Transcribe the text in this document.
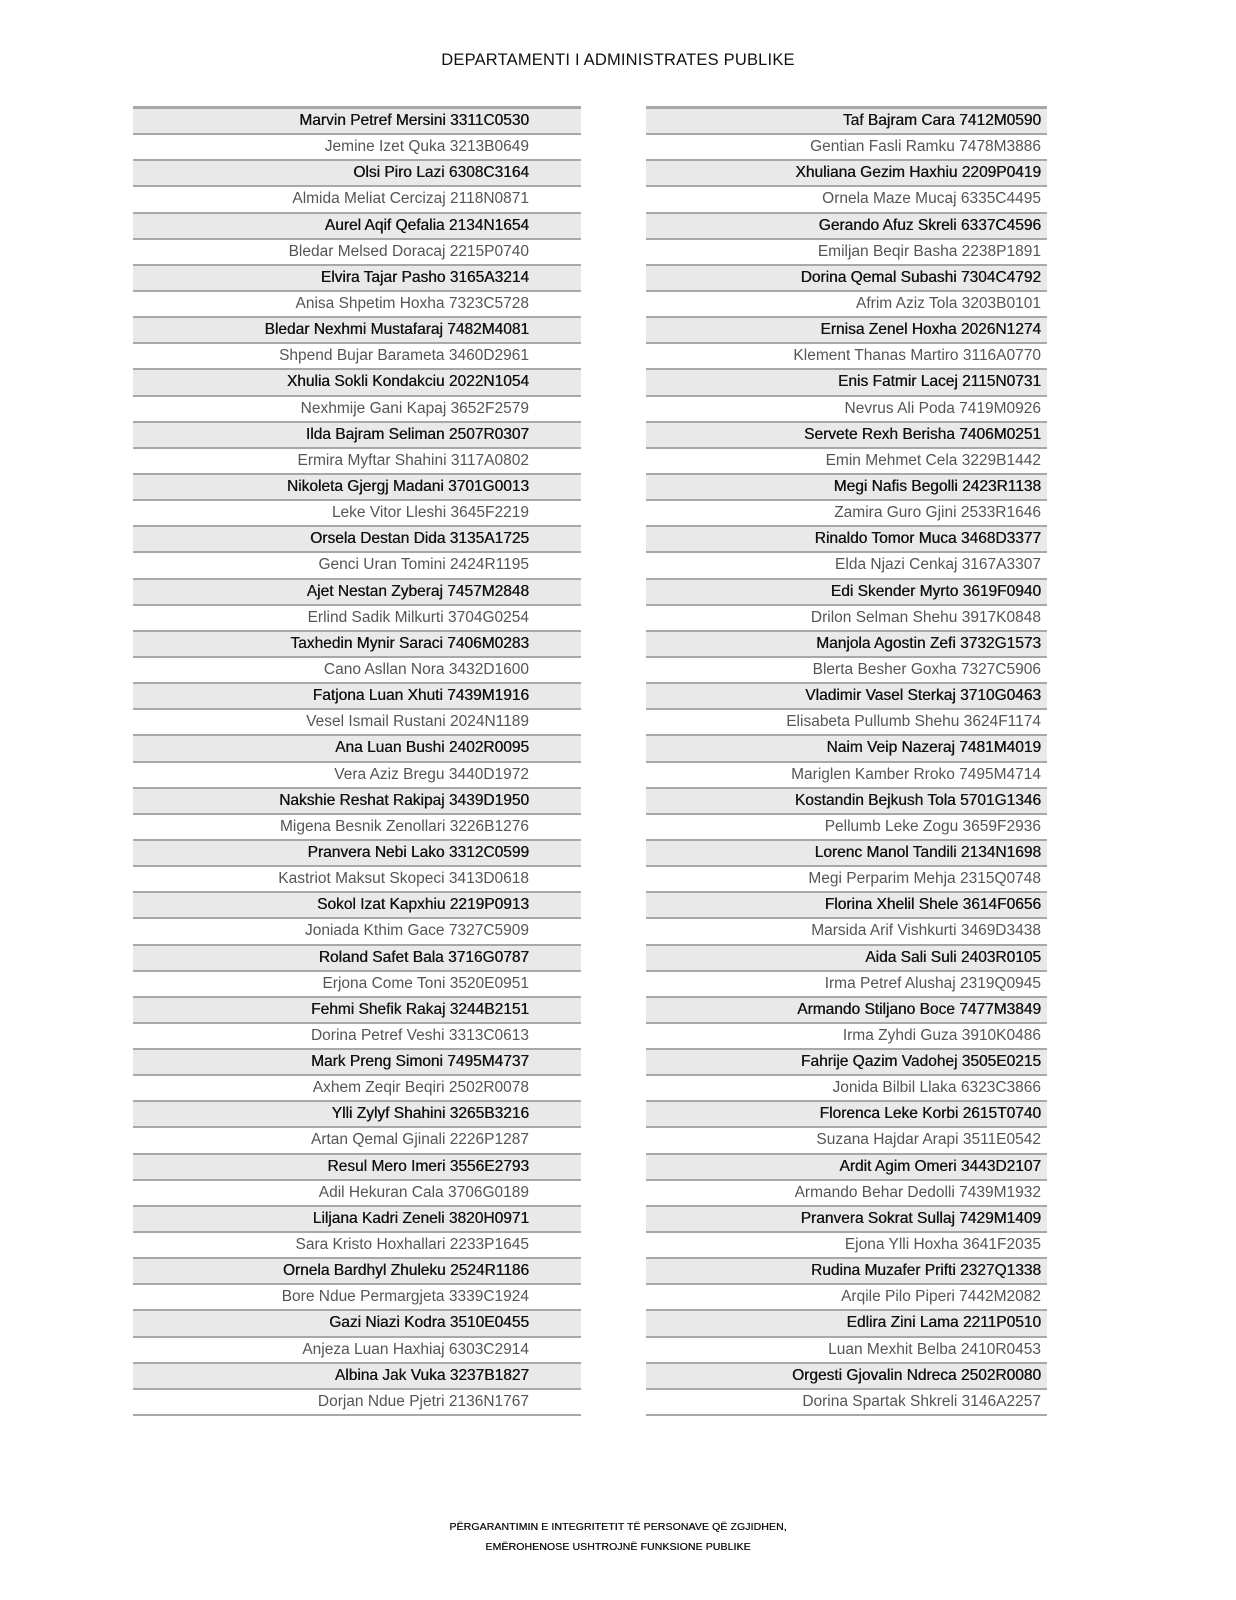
DEPARTAMENTI I ADMINISTRATES PUBLIKE
Marvin Petref Mersini 3311C0530
Jemine Izet Quka 3213B0649
Olsi Piro Lazi 6308C3164
Almida Meliat Cercizaj 2118N0871
Aurel Aqif Qefalia 2134N1654
Bledar Melsed Doracaj 2215P0740
Elvira Tajar Pasho 3165A3214
Anisa Shpetim Hoxha 7323C5728
Bledar Nexhmi Mustafaraj 7482M4081
Shpend Bujar Barameta 3460D2961
Xhulia Sokli Kondakciu 2022N1054
Nexhmije Gani Kapaj 3652F2579
Ilda Bajram Seliman 2507R0307
Ermira Myftar Shahini 3117A0802
Nikoleta Gjergj Madani 3701G0013
Leke Vitor Lleshi 3645F2219
Orsela Destan Dida 3135A1725
Genci Uran Tomini 2424R1195
Ajet Nestan Zyberaj 7457M2848
Erlind Sadik Milkurti 3704G0254
Taxhedin Mynir Saraci 7406M0283
Cano Asllan Nora 3432D1600
Fatjona Luan Xhuti 7439M1916
Vesel Ismail Rustani 2024N1189
Ana Luan Bushi 2402R0095
Vera Aziz Bregu 3440D1972
Nakshie Reshat Rakipaj 3439D1950
Migena Besnik Zenollari 3226B1276
Pranvera Nebi Lako 3312C0599
Kastriot Maksut Skopeci 3413D0618
Sokol Izat Kapxhiu 2219P0913
Joniada Kthim Gace 7327C5909
Roland Safet Bala 3716G0787
Erjona Come Toni 3520E0951
Fehmi Shefik Rakaj 3244B2151
Dorina Petref Veshi 3313C0613
Mark Preng Simoni 7495M4737
Axhem Zeqir Beqiri 2502R0078
Ylli Zylyf Shahini 3265B3216
Artan Qemal Gjinali 2226P1287
Resul Mero Imeri 3556E2793
Adil Hekuran Cala 3706G0189
Liljana Kadri Zeneli 3820H0971
Sara Kristo Hoxhallari 2233P1645
Ornela Bardhyl Zhuleku 2524R1186
Bore Ndue Permargjeta 3339C1924
Gazi Niazi Kodra 3510E0455
Anjeza Luan Haxhiaj 6303C2914
Albina Jak Vuka 3237B1827
Dorjan Ndue Pjetri 2136N1767
Taf Bajram Cara 7412M0590
Gentian Fasli Ramku 7478M3886
Xhuliana Gezim Haxhiu 2209P0419
Ornela Maze Mucaj 6335C4495
Gerando Afuz Skreli 6337C4596
Emiljan Beqir Basha 2238P1891
Dorina Qemal Subashi 7304C4792
Afrim Aziz Tola 3203B0101
Ernisa Zenel Hoxha 2026N1274
Klement Thanas Martiro 3116A0770
Enis Fatmir Lacej 2115N0731
Nevrus Ali Poda 7419M0926
Servete Rexh Berisha 7406M0251
Emin Mehmet Cela 3229B1442
Megi Nafis Begolli 2423R1138
Zamira Guro Gjini 2533R1646
Rinaldo Tomor Muca 3468D3377
Elda Njazi Cenkaj 3167A3307
Edi Skender Myrto 3619F0940
Drilon Selman Shehu 3917K0848
Manjola Agostin Zefi 3732G1573
Blerta Besher Goxha 7327C5906
Vladimir Vasel Sterkaj 3710G0463
Elisabeta Pullumb Shehu 3624F1174
Naim Veip Nazeraj 7481M4019
Mariglen Kamber Rroko 7495M4714
Kostandin Bejkush Tola 5701G1346
Pellumb Leke Zogu 3659F2936
Lorenc Manol Tandili 2134N1698
Megi Perparim Mehja 2315Q0748
Florina Xhelil Shele 3614F0656
Marsida Arif Vishkurti 3469D3438
Aida Sali Suli 2403R0105
Irma Petref Alushaj 2319Q0945
Armando Stiljano Boce 7477M3849
Irma Zyhdi Guza 3910K0486
Fahrije Qazim Vadohej 3505E0215
Jonida Bilbil Llaka 6323C3866
Florenca Leke Korbi 2615T0740
Suzana Hajdar Arapi 3511E0542
Ardit Agim Omeri 3443D2107
Armando Behar Dedolli 7439M1932
Pranvera Sokrat Sullaj 7429M1409
Ejona Ylli Hoxha 3641F2035
Rudina Muzafer Prifti 2327Q1338
Arqile Pilo Piperi 7442M2082
Edlira Zini Lama 2211P0510
Luan Mexhit Belba 2410R0453
Orgesti Gjovalin Ndreca 2502R0080
Dorina Spartak Shkreli 3146A2257
PËRGARANTIMIN E INTEGRITETIT TË PERSONAVE QË ZGJIDHEN,
EMËROHENOSE USHTROJNË FUNKSIONE PUBLIKE
